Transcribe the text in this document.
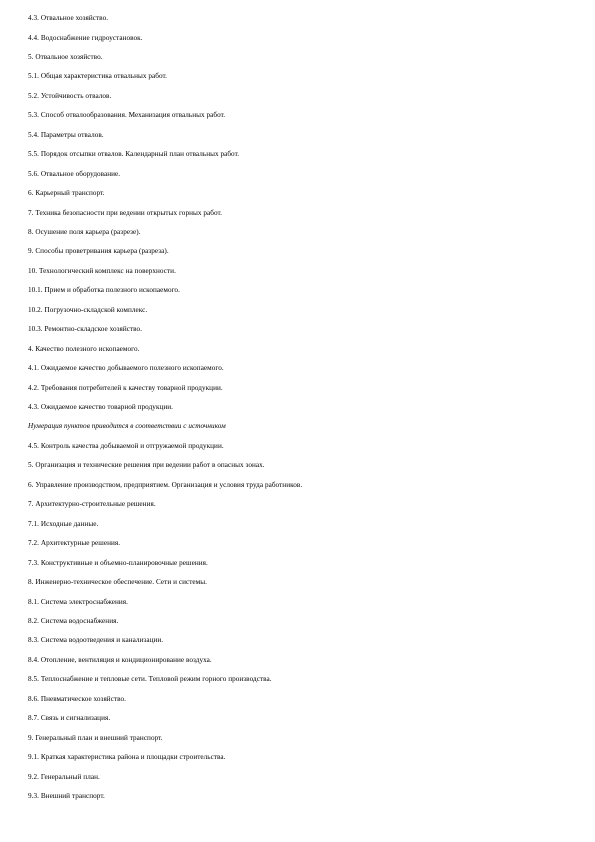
4.3. Отвальное хозяйство.
4.4. Водоснабжение гидроустановок.
5. Отвальное хозяйство.
5.1. Общая характеристика отвальных работ.
5.2. Устойчивость отвалов.
5.3. Способ отвалообразования. Механизация отвальных работ.
5.4. Параметры отвалов.
5.5. Порядок отсыпки отвалов. Календарный план отвальных работ.
5.6. Отвальное оборудование.
6. Карьерный транспорт.
7. Техника безопасности при ведении открытых горных работ.
8. Осушение поля карьера (разрезе).
9. Способы проветривания карьера (разреза).
10. Технологический комплекс на поверхности.
10.1. Прием и обработка полезного ископаемого.
10.2. Погрузочно-складской комплекс.
10.3. Ремонтно-складское хозяйство.
4. Качество полезного ископаемого.
4.1. Ожидаемое качество добываемого полезного ископаемого.
4.2. Требования потребителей к качеству товарной продукции.
4.3. Ожидаемое качество товарной продукции.
Нумерация пунктов приводится в соответствии с источником
4.5. Контроль качества добываемой и отгружаемой продукции.
5. Организация и технические решения при ведении работ в опасных зонах.
6. Управление производством, предприятием. Организация и условия труда работников.
7. Архитектурно-строительные решения.
7.1. Исходные данные.
7.2. Архитектурные решения.
7.3. Конструктивные и объемно-планировочные решения.
8. Инженерно-техническое обеспечение. Сети и системы.
8.1. Система электроснабжения.
8.2. Система водоснабжения.
8.3. Система водоотведения и канализации.
8.4. Отопление, вентиляция и кондиционирование воздуха.
8.5. Теплоснабжение и тепловые сети. Тепловой режим горного производства.
8.6. Пневматическое хозяйство.
8.7. Связь и сигнализация.
9. Генеральный план и внешний транспорт.
9.1. Краткая характеристика района и площадки строительства.
9.2. Генеральный план.
9.3. Внешний транспорт.
